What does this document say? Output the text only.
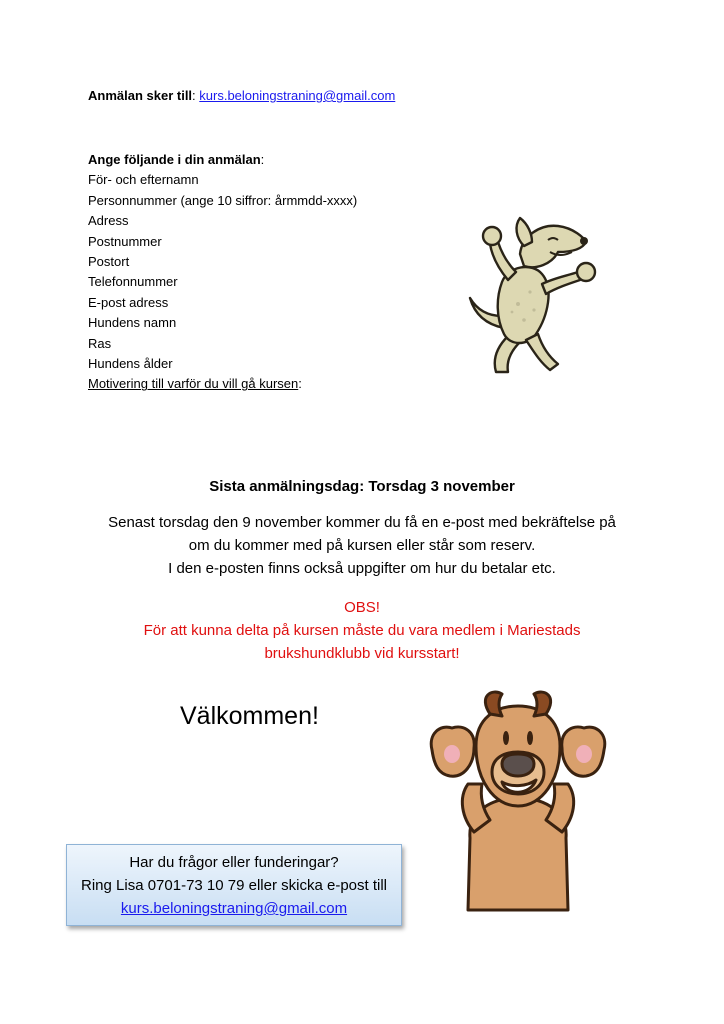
Anmälan sker till: kurs.beloningstraning@gmail.com
Ange följande i din anmälan:
För- och efternamn
Personnummer (ange 10 siffror: årmmdd-xxxx)
Adress
Postnummer
Postort
Telefonnummer
E-post adress
Hundens namn
Ras
Hundens ålder
Motivering till varför du vill gå kursen:
Sista anmälningsdag: Torsdag 3 november
Senast torsdag den 9 november kommer du få en e-post med bekräftelse på
om du kommer med på kursen eller står som reserv.
I den e-posten finns också uppgifter om hur du betalar etc.
OBS!
För att kunna delta på kursen måste du vara medlem i Mariestads
brukshundklubb vid kursstart!
Välkommen!
Har du frågor eller funderingar?
Ring Lisa 0701-73 10 79 eller skicka e-post till
kurs.beloningstraning@gmail.com
